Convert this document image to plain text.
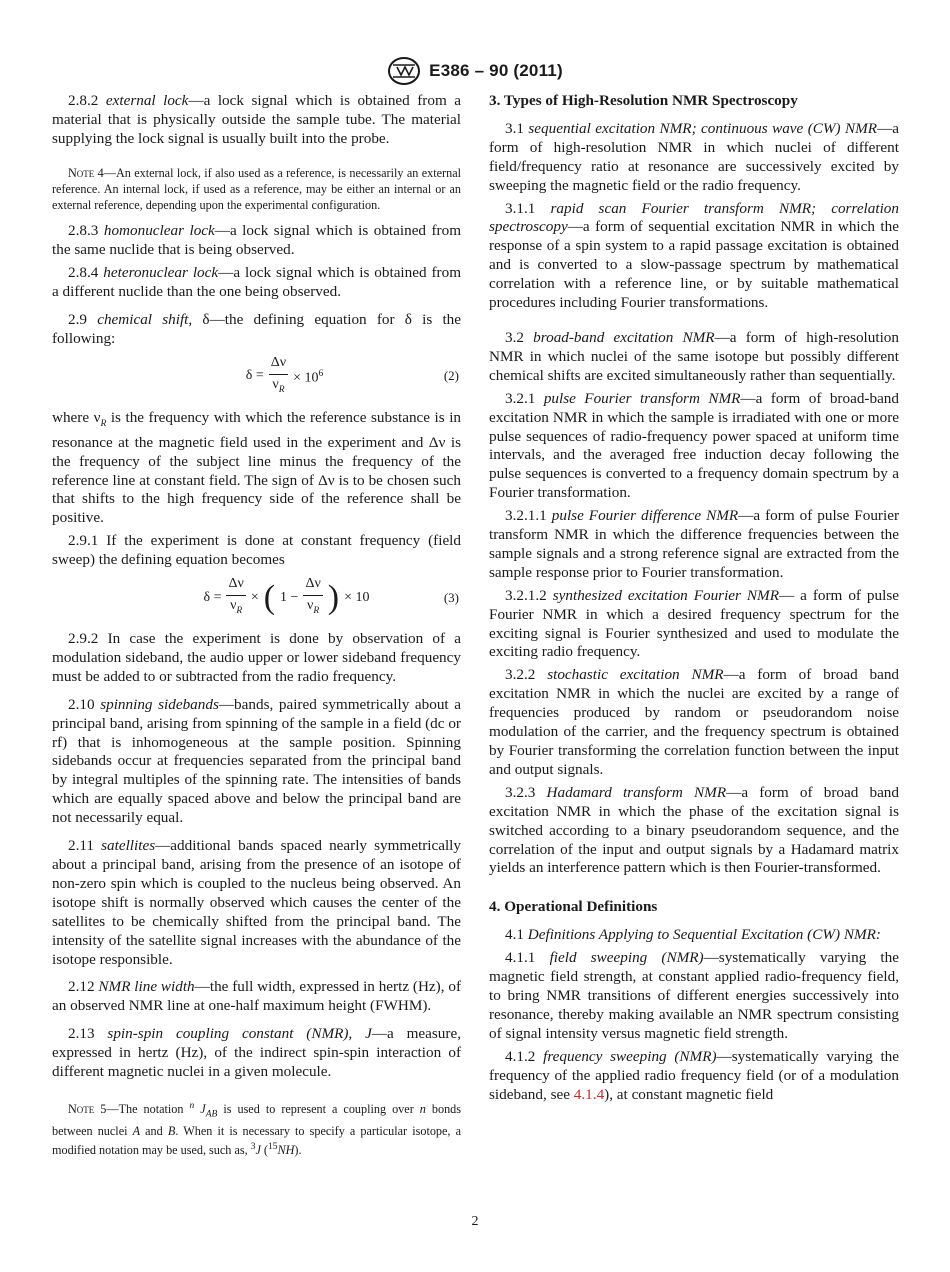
E386 – 90 (2011)

2.8.2 external lock—a lock signal which is obtained from a material that is physically outside the sample tube. The material supplying the lock signal is usually built into the probe.

Note 4—An external lock, if also used as a reference, is necessarily an external reference. An internal lock, if used as a reference, may be either an internal or an external reference, depending upon the experimental configuration.

2.8.3 homonuclear lock—a lock signal which is obtained from the same nuclide that is being observed.

2.8.4 heteronuclear lock—a lock signal which is obtained from a different nuclide than the one being observed.

2.9 chemical shift, δ—the defining equation for δ is the following:

$\delta = \frac{\Delta\nu}{\nu_R} \times 10^6$	(2)

where $\nu_R$ is the frequency with which the reference substance is in resonance at the magnetic field used in the experiment and Δν is the frequency of the subject line minus the frequency of the reference line at constant field. The sign of Δν is to be chosen such that shifts to the high frequency side of the reference shall be positive.

2.9.1 If the experiment is done at constant frequency (field sweep) the defining equation becomes

$\delta = \frac{\Delta\nu}{\nu_R}$ × ( $1 - \frac{\Delta\nu}{\nu_R}$ ) × 10	(3)

2.9.2 In case the experiment is done by observation of a modulation sideband, the audio upper or lower sideband frequency must be added to or subtracted from the radio frequency.

2.10 spinning sidebands—bands, paired symmetrically about a principal band, arising from spinning of the sample in a field (dc or rf) that is inhomogeneous at the sample position. Spinning sidebands occur at frequencies separated from the principal band by integral multiples of the spinning rate. The intensities of bands which are equally spaced above and below the principal band are not necessarily equal.

2.11 satellites—additional bands spaced nearly symmetrically about a principal band, arising from the presence of an isotope of non-zero spin which is coupled to the nucleus being observed. An isotope shift is normally observed which causes the center of the satellites to be chemically shifted from the principal band. The intensity of the satellite signal increases with the abundance of the isotope responsible.

2.12 NMR line width—the full width, expressed in hertz (Hz), of an observed NMR line at one-half maximum height (FWHM).

2.13 spin-spin coupling constant (NMR), J—a measure, expressed in hertz (Hz), of the indirect spin-spin interaction of different magnetic nuclei in a given molecule.

Note 5—The notation $^n$ $J_{AB}$ is used to represent a coupling over n bonds between nuclei A and B. When it is necessary to specify a particular isotope, a modified notation may be used, such as, $^3$J ($^{15}$NH).

3. Types of High-Resolution NMR Spectroscopy

3.1 sequential excitation NMR; continuous wave (CW) NMR—a form of high-resolution NMR in which nuclei of different field/frequency ratio at resonance are successively excited by sweeping the magnetic field or the radio frequency.

3.1.1 rapid scan Fourier transform NMR; correlation spectroscopy—a form of sequential excitation NMR in which the response of a spin system to a rapid passage excitation is obtained and is converted to a slow-passage spectrum by mathematical correlation with a reference line, or by suitable mathematical procedures including Fourier transformations.

3.2 broad-band excitation NMR—a form of high-resolution NMR in which nuclei of the same isotope but possibly different chemical shifts are excited simultaneously rather than sequentially.

3.2.1 pulse Fourier transform NMR—a form of broad-band excitation NMR in which the sample is irradiated with one or more pulse sequences of radio-frequency power spaced at uniform time intervals, and the averaged free induction decay following the pulse sequences is converted to a frequency domain spectrum by a Fourier transformation.

3.2.1.1 pulse Fourier difference NMR—a form of pulse Fourier transform NMR in which the difference frequencies between the sample signals and a strong reference signal are extracted from the sample response prior to Fourier transformation.

3.2.1.2 synthesized excitation Fourier NMR— a form of pulse Fourier NMR in which a desired frequency spectrum for the exciting signal is Fourier synthesized and used to modulate the exciting radio frequency.

3.2.2 stochastic excitation NMR—a form of broad band excitation NMR in which the nuclei are excited by a range of frequencies produced by random or pseudorandom noise modulation of the carrier, and the frequency spectrum is obtained by Fourier transforming the correlation function between the input and output signals.

3.2.3 Hadamard transform NMR—a form of broad band excitation NMR in which the phase of the excitation signal is switched according to a binary pseudorandom sequence, and the correlation of the input and output signals by a Hadamard matrix yields an interference pattern which is then Fourier-transformed.

4. Operational Definitions

4.1 Definitions Applying to Sequential Excitation (CW) NMR:

4.1.1 field sweeping (NMR)—systematically varying the magnetic field strength, at constant applied radio-frequency field, to bring NMR transitions of different energies successively into resonance, thereby making available an NMR spectrum consisting of signal intensity versus magnetic field strength.

4.1.2 frequency sweeping (NMR)—systematically varying the frequency of the applied radio frequency field (or of a modulation sideband, see 4.1.4), at constant magnetic field

2
